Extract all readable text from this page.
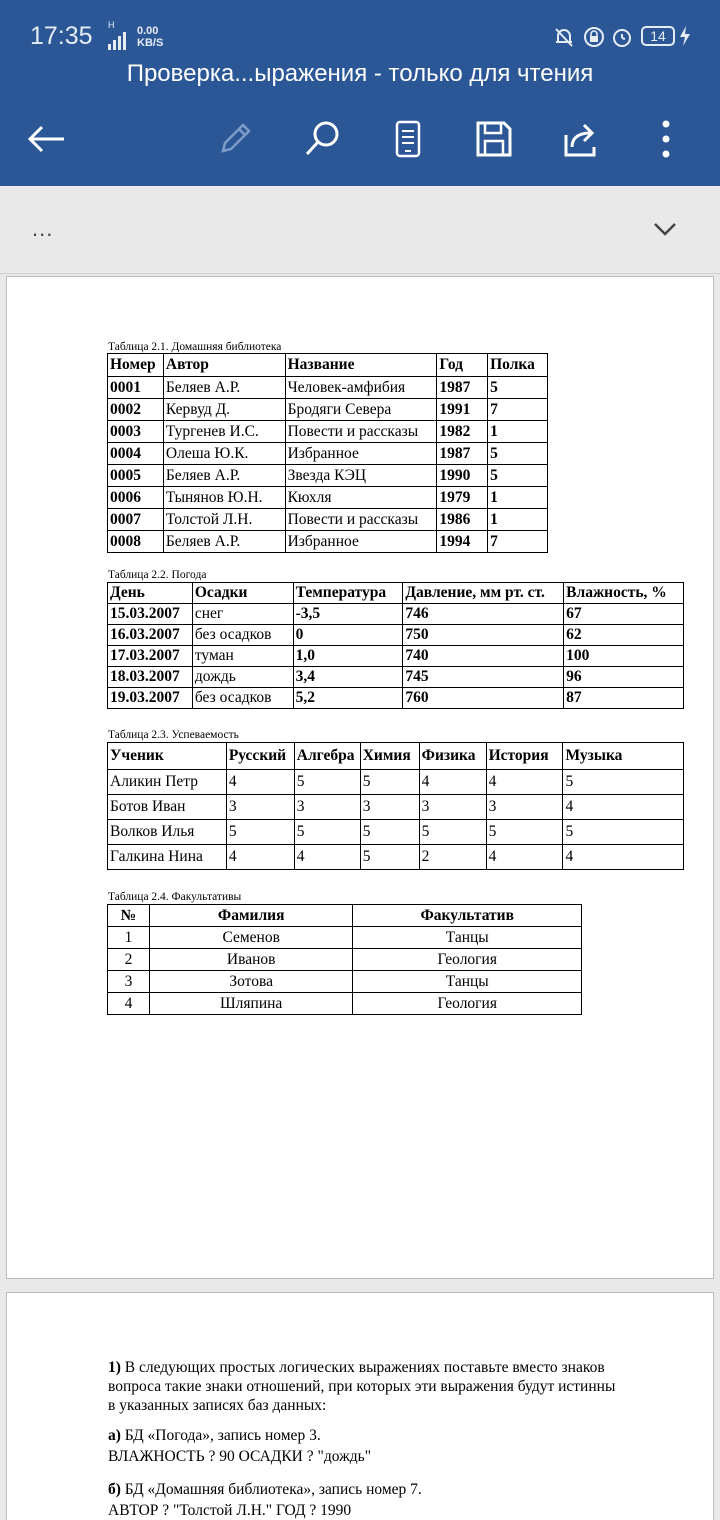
17:35 H 0.00
KB/S	14
Проверка...ыражения - только для чтения
...
Таблица 2.1. Домашняя библиотека
Номер	Автор	Название	Год	Полка
0001	Беляев А.Р.	Человек-амфибия	1987	5
0002	Кервуд Д.	Бродяги Севера	1991	7
0003	Тургенев И.С.	Повести и рассказы	1982	1
0004	Олеша Ю.К.	Избранное	1987	5
0005	Беляев А.Р.	Звезда КЭЦ	1990	5
0006	Тынянов Ю.Н.	Кюхля	1979	1
0007	Толстой Л.Н.	Повести и рассказы	1986	1
0008	Беляев А.Р.	Избранное	1994	7
Таблица 2.2. Погода
День	Осадки	Температура	Давление, мм рт. ст.	Влажность, %
15.03.2007	снег	-3,5	746	67
16.03.2007	без осадков	0	750	62
17.03.2007	туман	1,0	740	100
18.03.2007	дождь	3,4	745	96
19.03.2007	без осадков	5,2	760	87
Таблица 2.3. Успеваемость
Ученик	Русский	Алгебра	Химия	Физика	История	Музыка
Аликин Петр	4	5	5	4	4	5
Ботов Иван	3	3	3	3	3	4
Волков Илья	5	5	5	5	5	5
Галкина Нина	4	4	5	2	4	4
Таблица 2.4. Факультативы
№	Фамилия	Факультатив
1	Семенов	Танцы
2	Иванов	Геология
3	Зотова	Танцы
4	Шляпина	Геология
1) В следующих простых логических выражениях поставьте вместо знаков
вопроса такие знаки отношений, при которых эти выражения будут истинны
в указанных записях баз данных:
а) БД «Погода», запись номер 3.
ВЛАЖНОСТЬ ? 90 ОСАДКИ ? "дождь"
б) БД «Домашняя библиотека», запись номер 7.
АВТОР ? "Толстой Л.Н." ГОД ? 1990
